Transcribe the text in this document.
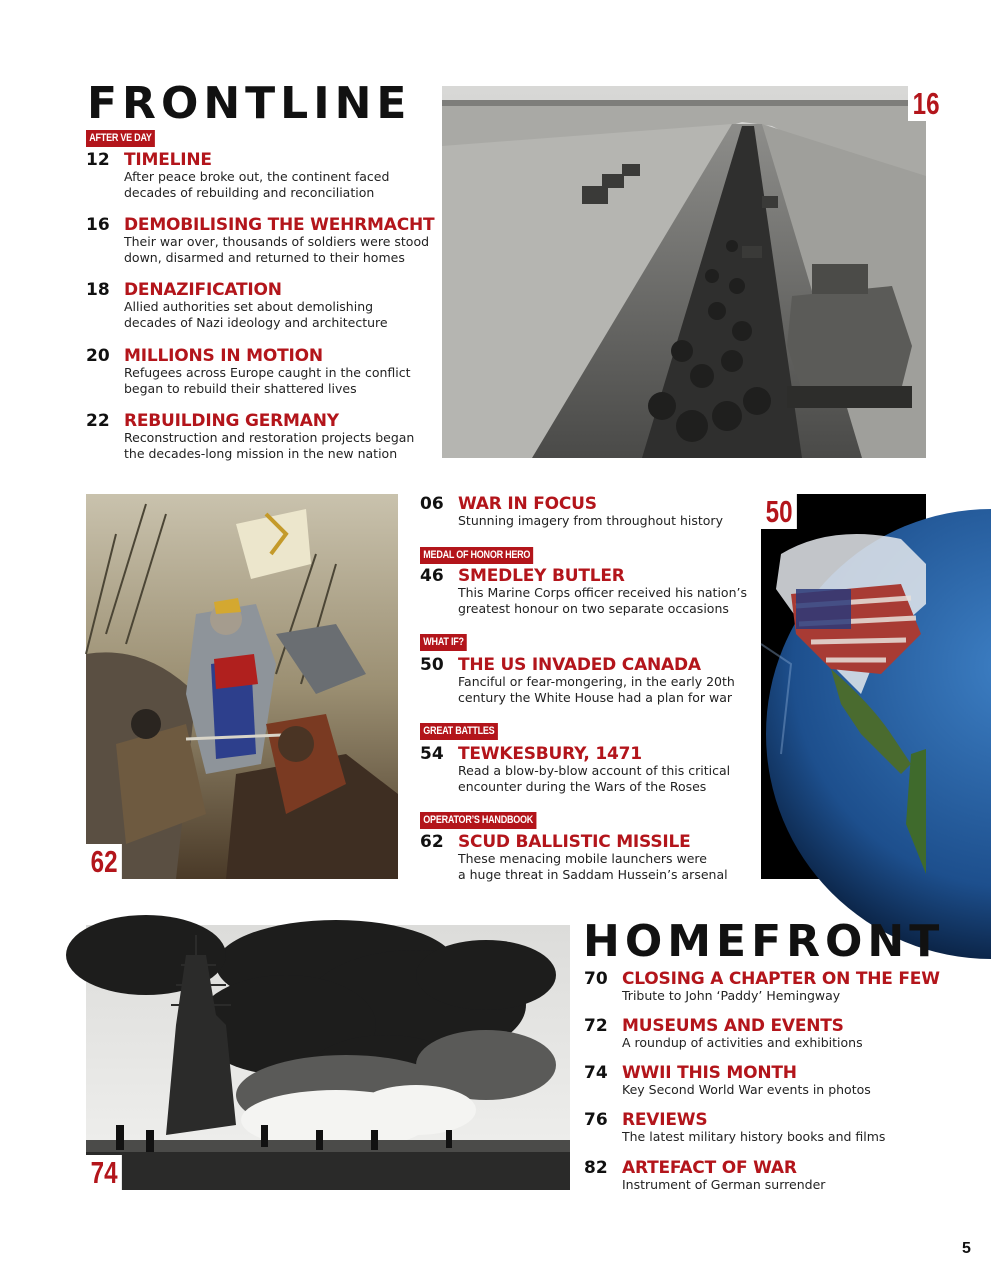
FRONTLINE
AFTER VE DAY
12 TIMELINE
After peace broke out, the continent faced
decades of rebuilding and reconciliation
16 DEMOBILISING THE WEHRMACHT
Their war over, thousands of soldiers were stood
down, disarmed and returned to their homes
18 DENAZIFICATION
Allied authorities set about demolishing
decades of Nazi ideology and architecture
20 MILLIONS IN MOTION
Refugees across Europe caught in the conflict
began to rebuild their shattered lives
22 REBUILDING GERMANY
Reconstruction and restoration projects began
the decades-long mission in the new nation
16
62
06 WAR IN FOCUS
Stunning imagery from throughout history
MEDAL OF HONOR HERO
46 SMEDLEY BUTLER
This Marine Corps officer received his nation’s
greatest honour on two separate occasions
WHAT IF?
50 THE US INVADED CANADA
Fanciful or fear-mongering, in the early 20th
century the White House had a plan for war
GREAT BATTLES
54 TEWKESBURY, 1471
Read a blow-by-blow account of this critical
encounter during the Wars of the Roses
OPERATOR’S HANDBOOK
62 SCUD BALLISTIC MISSILE
These menacing mobile launchers were
a huge threat in Saddam Hussein’s arsenal
50
74
HOMEFRONT
70 CLOSING A CHAPTER ON THE FEW
Tribute to John ‘Paddy’ Hemingway
72 MUSEUMS AND EVENTS
A roundup of activities and exhibitions
74 WWII THIS MONTH
Key Second World War events in photos
76 REVIEWS
The latest military history books and films
82 ARTEFACT OF WAR
Instrument of German surrender
5
